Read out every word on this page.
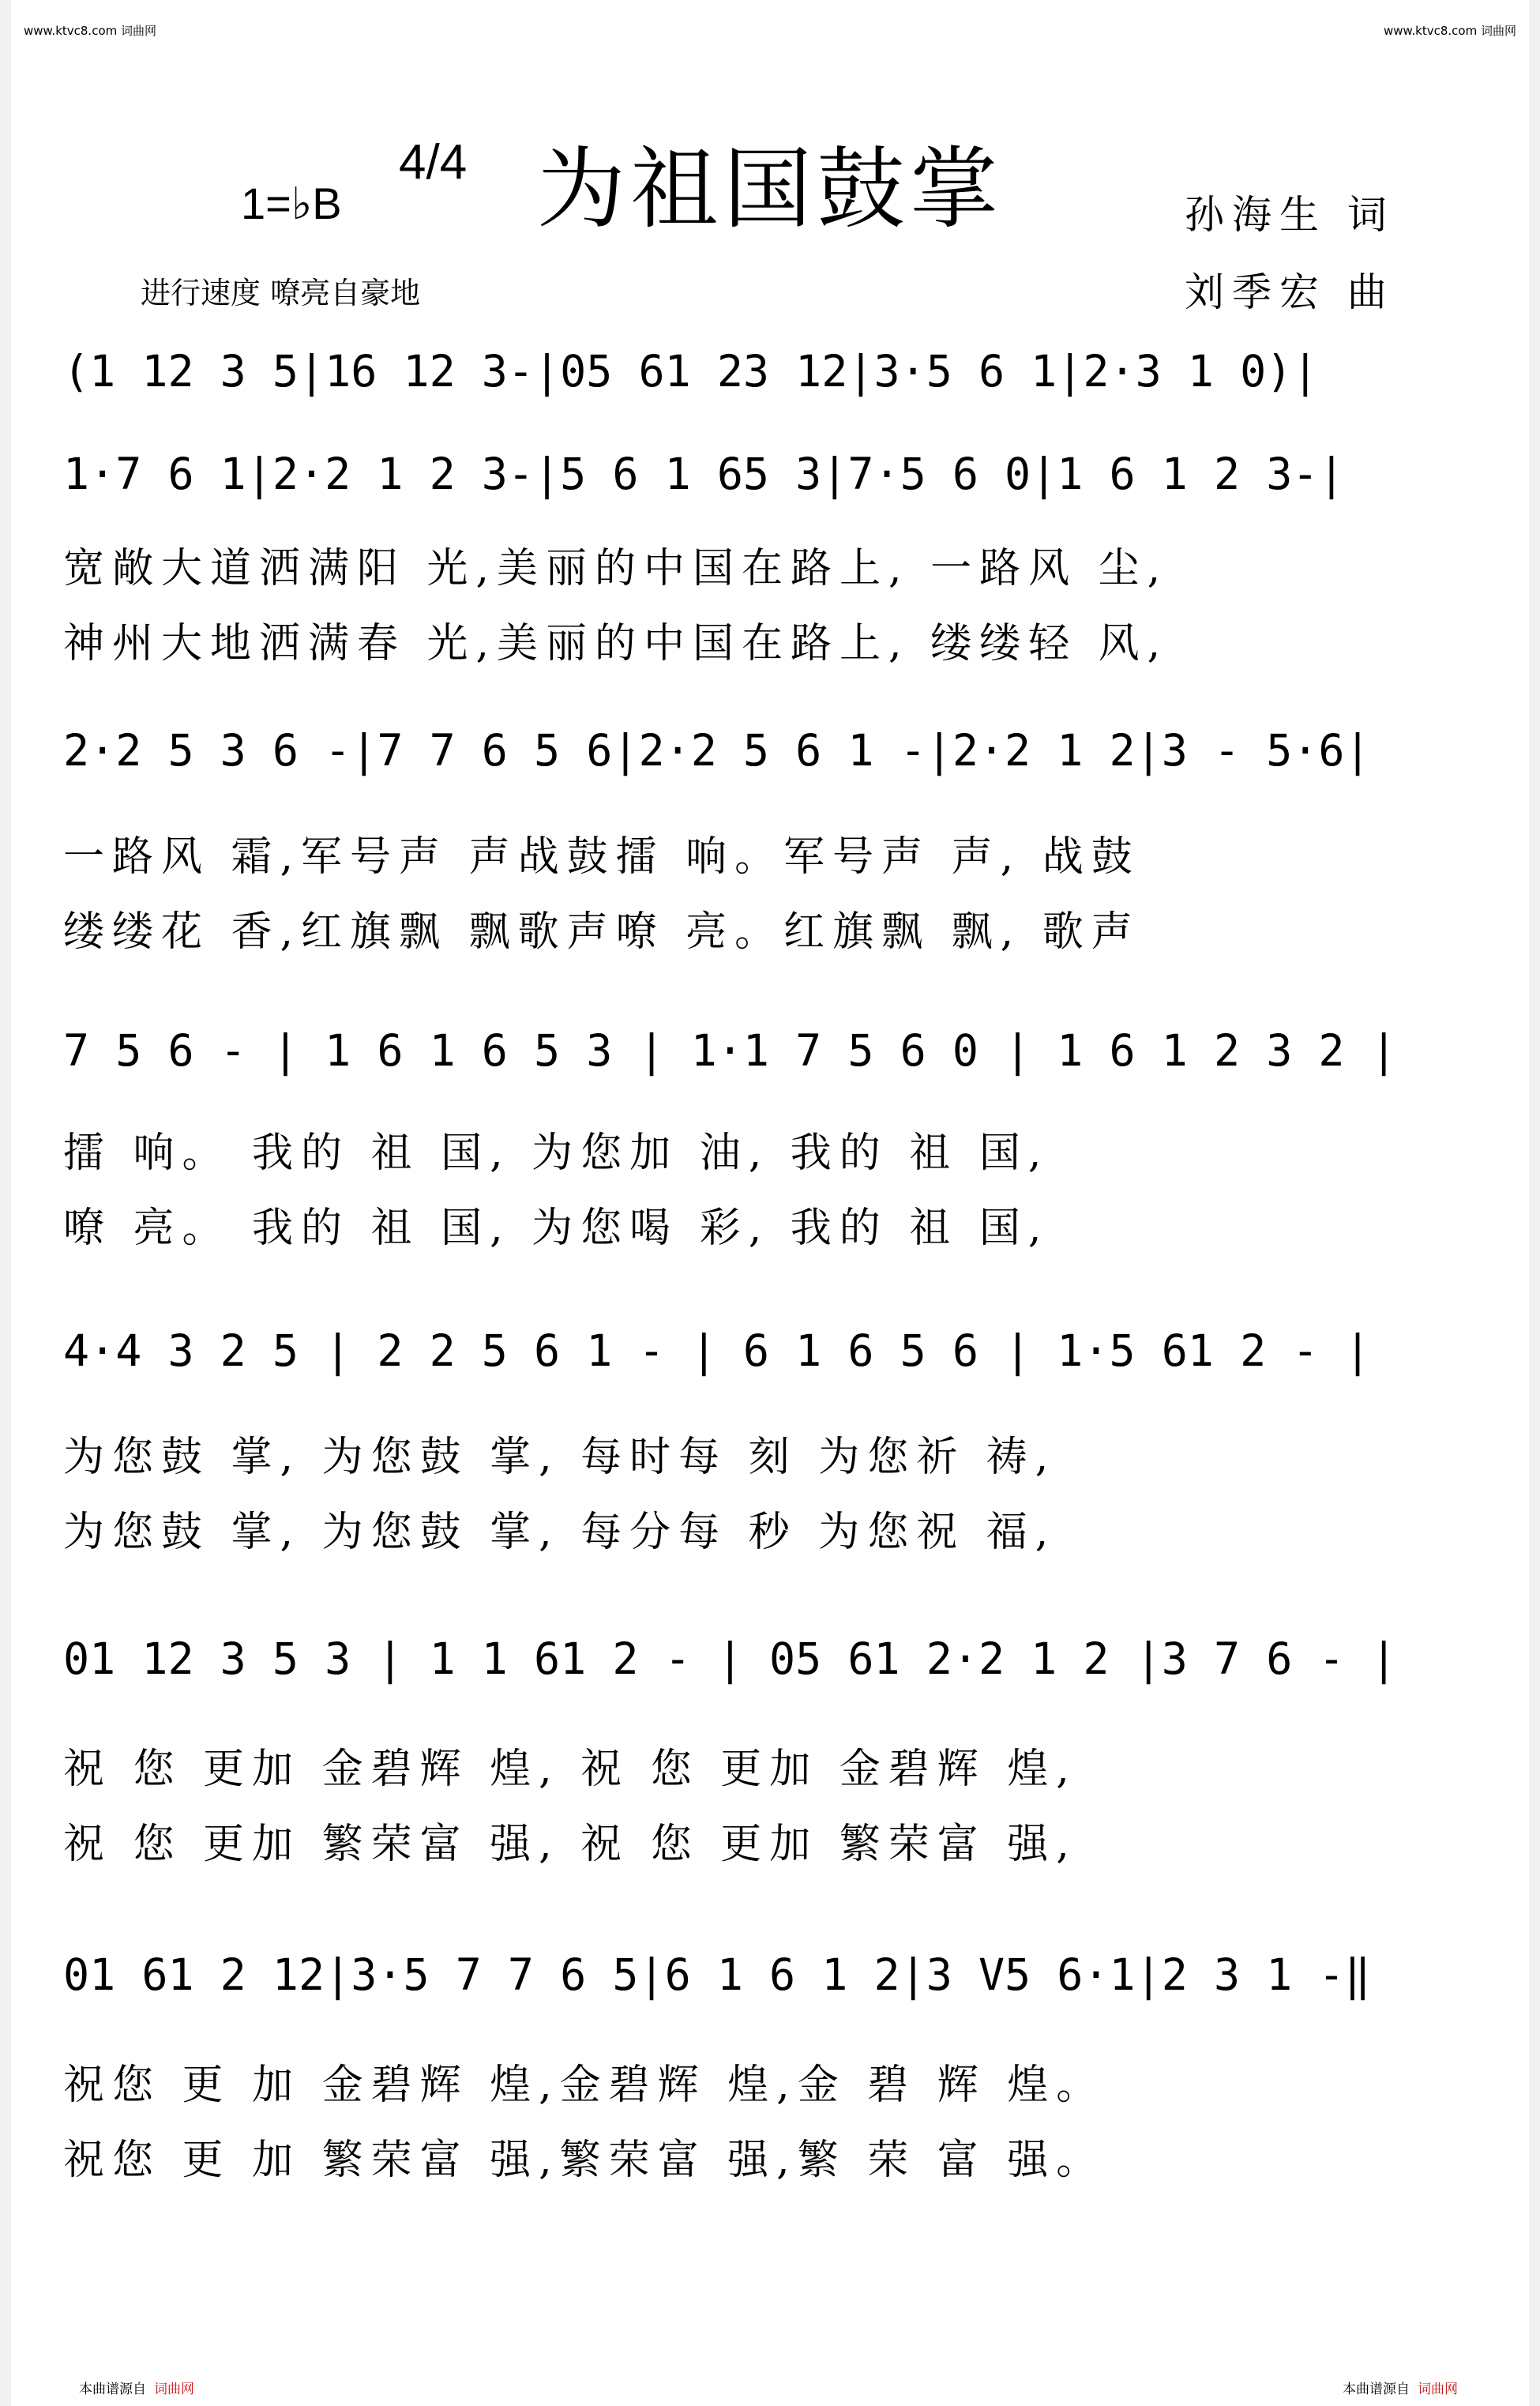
www.ktvc8.com 词曲网	www.ktvc8.com 词曲网
为祖国鼓掌
1=♭B
4/4
进行速度 嘹亮自豪地
孙海生 词
刘季宏 曲
(1 12 3 5|16 12 3-|05 61 23 12|3·5 6 1|2·3 1 0)|
1·7 6 1|2·2 1 2 3-|5 6 1 65 3|7·5 6 0|1 6 1 2 3-|
宽敞大道洒满阳 光,美丽的中国在路上, 一路风 尘,
神州大地洒满春 光,美丽的中国在路上, 缕缕轻 风,
2·2 5 3 6 -|7 7 6 5 6|2·2 5 6 1 -|2·2 1 2|3 - 5·6|
一路风 霜,军号声 声战鼓擂 响。军号声 声, 战鼓
缕缕花 香,红旗飘 飘歌声嘹 亮。红旗飘 飘, 歌声
7 5 6 - | 1 6 1 6 5 3 | 1·1 7 5 6 0 | 1 6 1 2 3 2 |
擂 响。 我的 祖 国, 为您加 油, 我的 祖 国,
嘹 亮。 我的 祖 国, 为您喝 彩, 我的 祖 国,
4·4 3 2 5 | 2 2 5 6 1 - | 6 1 6 5 6 | 1·5 61 2 - |
为您鼓 掌, 为您鼓 掌, 每时每 刻 为您祈 祷,
为您鼓 掌, 为您鼓 掌, 每分每 秒 为您祝 福,
01 12 3 5 3 | 1 1 61 2 - | 05 61 2·2 1 2 |3 7 6 - |
祝 您 更加 金碧辉 煌, 祝 您 更加 金碧辉 煌,
祝 您 更加 繁荣富 强, 祝 您 更加 繁荣富 强,
01 61 2 12|3·5 7 7 6 5|6 1 6 1 2|3 V5 6·1|2 3 1 -‖
祝您 更 加 金碧辉 煌,金碧辉 煌,金 碧 辉 煌。
祝您 更 加 繁荣富 强,繁荣富 强,繁 荣 富 强。
本曲谱源自 词曲网	本曲谱源自 词曲网
